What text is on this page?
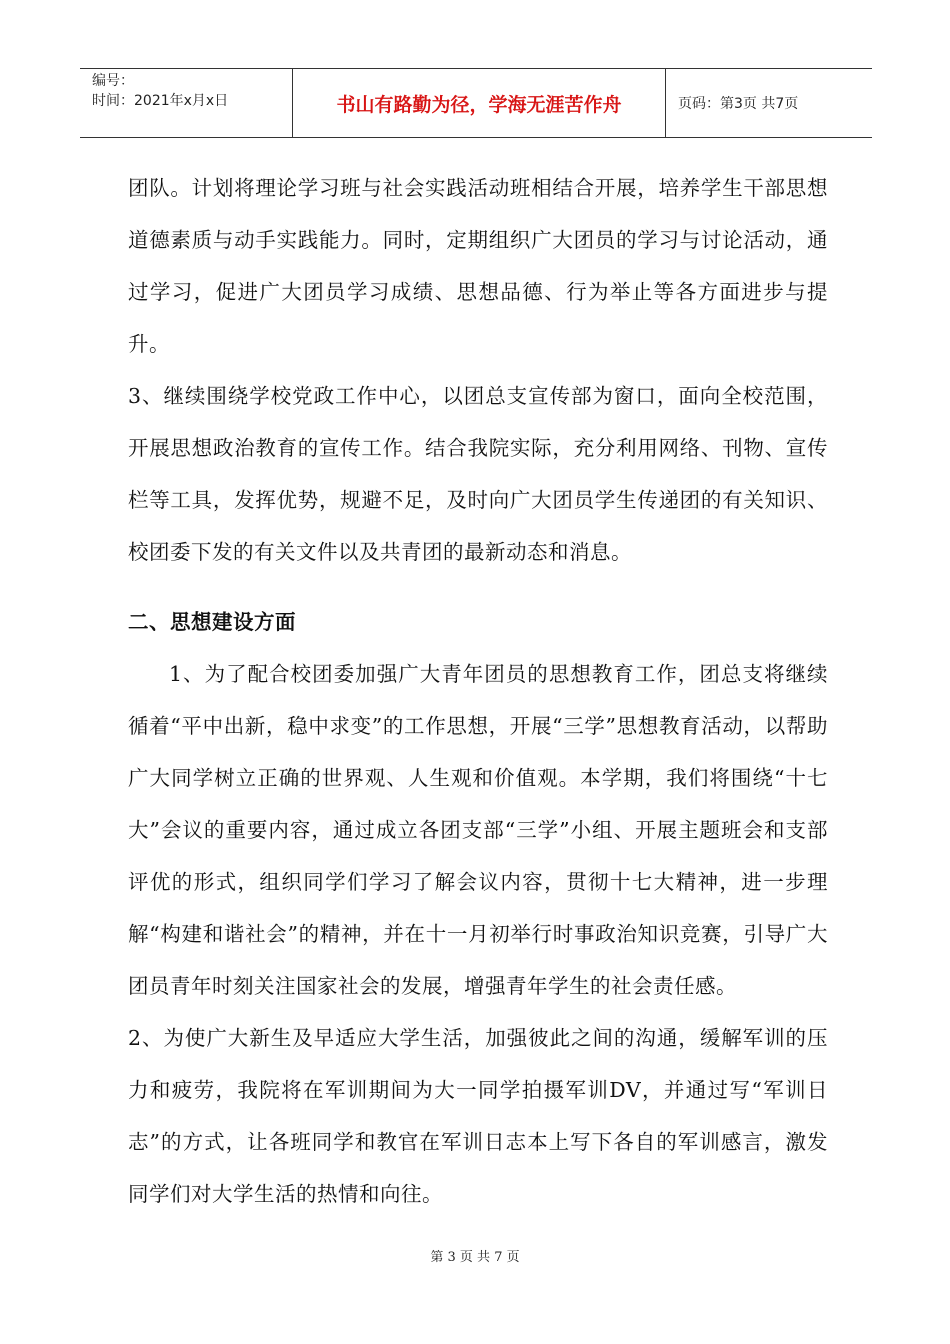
编号：
时间：2021年x月x日	书山有路勤为径，学海无涯苦作舟	页码：第3页 共7页

团队。计划将理论学习班与社会实践活动班相结合开展，培养学生干部思想道德素质与动手实践能力。同时，定期组织广大团员的学习与讨论活动，通过学习，促进广大团员学习成绩、思想品德、行为举止等各方面进步与提升。

3、继续围绕学校党政工作中心，以团总支宣传部为窗口，面向全校范围，开展思想政治教育的宣传工作。结合我院实际，充分利用网络、刊物、宣传栏等工具，发挥优势，规避不足，及时向广大团员学生传递团的有关知识、校团委下发的有关文件以及共青团的最新动态和消息。

二、思想建设方面

1、为了配合校团委加强广大青年团员的思想教育工作，团总支将继续循着“平中出新，稳中求变”的工作思想，开展“三学”思想教育活动，以帮助广大同学树立正确的世界观、人生观和价值观。本学期，我们将围绕“十七大”会议的重要内容，通过成立各团支部“三学”小组、开展主题班会和支部评优的形式，组织同学们学习了解会议内容，贯彻十七大精神，进一步理解“构建和谐社会”的精神，并在十一月初举行时事政治知识竞赛，引导广大团员青年时刻关注国家社会的发展，增强青年学生的社会责任感。

2、为使广大新生及早适应大学生活，加强彼此之间的沟通，缓解军训的压力和疲劳，我院将在军训期间为大一同学拍摄军训DV，并通过写“军训日志”的方式，让各班同学和教官在军训日志本上写下各自的军训感言，激发同学们对大学生活的热情和向往。

第 3 页 共 7 页
